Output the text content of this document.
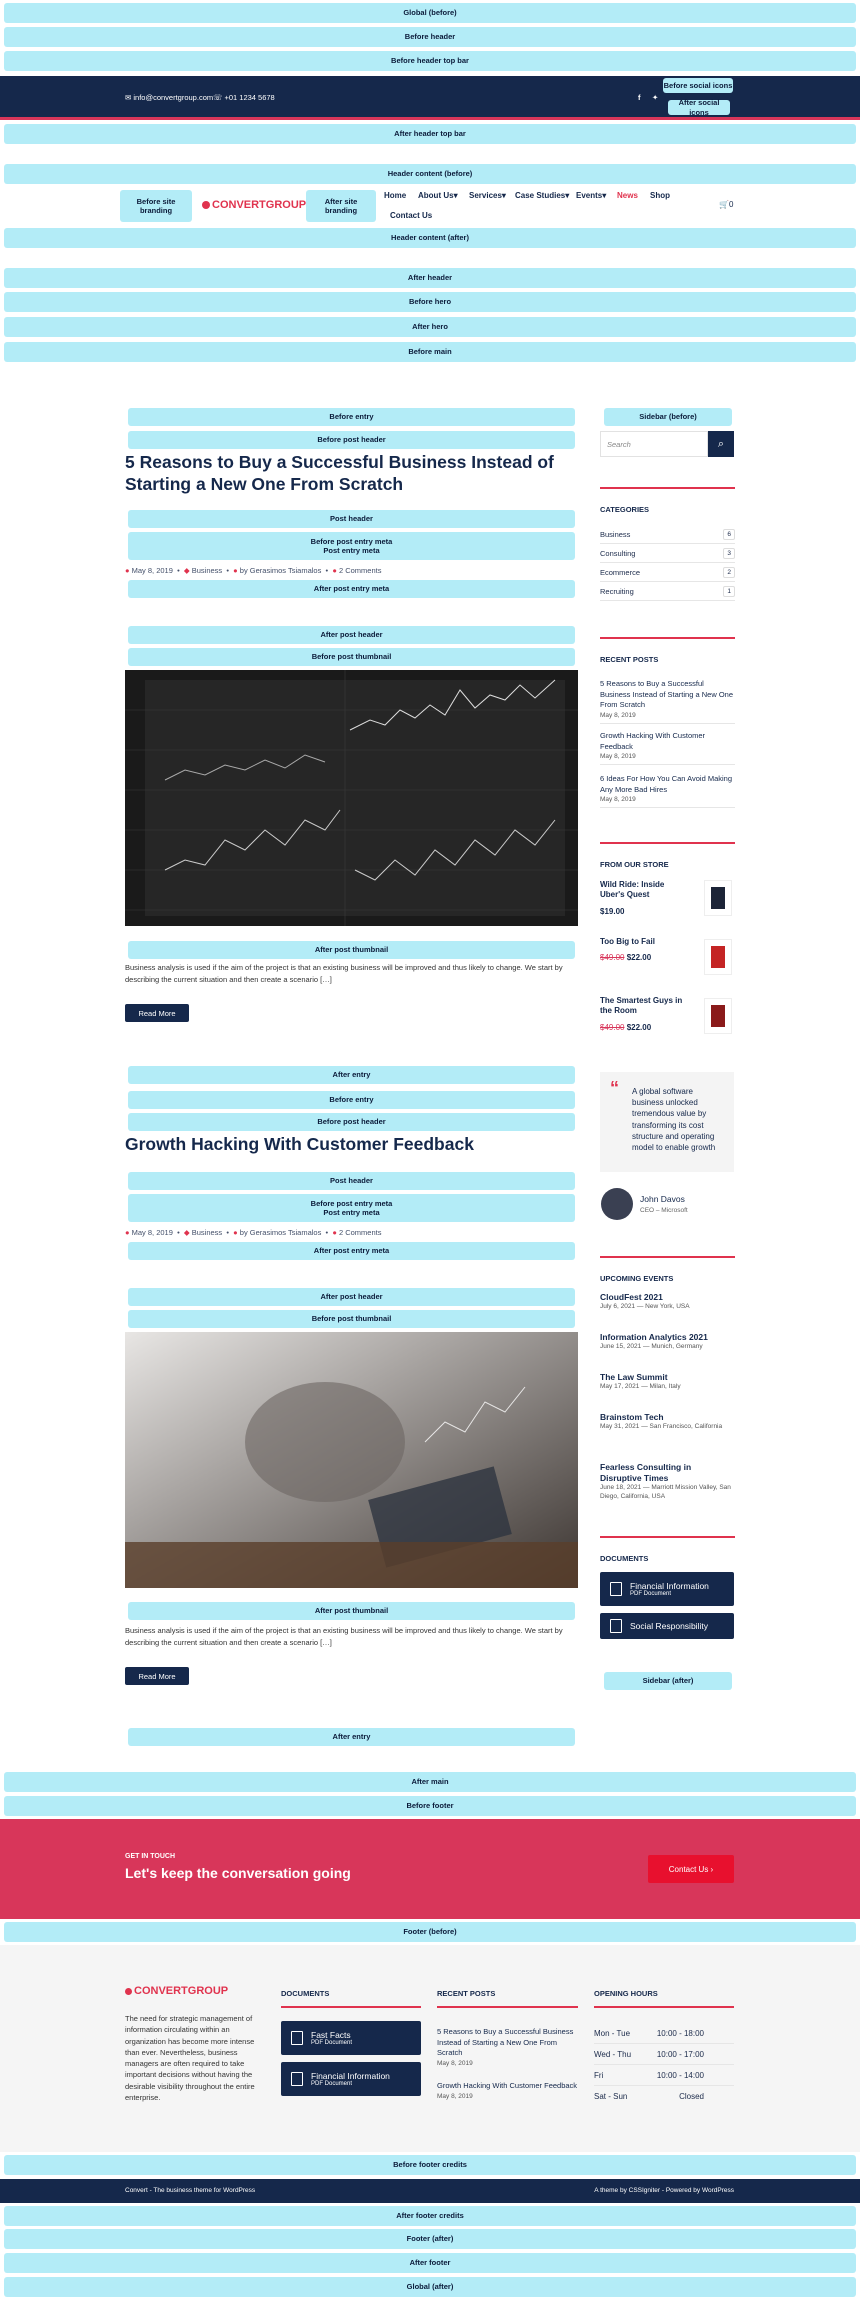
Global (before)
Before header
Before header top bar
✉ info@convertgroup.com ☏ +01 1234 5678	f ✦
Before social icons
After social icons
After header top bar
Header content (before)
Before site branding	CONVERTGROUP	After site branding
Home About Us▾ Services▾ Case Studies▾ Events▾ News Shop
Contact Us
🛒0
Header content (after)
After header
Before hero
After hero
Before main
Before entry
Before post header
5 Reasons to Buy a Successful Business Instead of Starting a New One From Scratch
Post header
Before post entry meta
Post entry meta
● May 8, 2019  •  ◆ Business  •  ● by Gerasimos Tsiamalos  •  ● 2 Comments
After post entry meta
After post header
Before post thumbnail
After post thumbnail
Business analysis is used if the aim of the project is that an existing business will be improved and thus likely to change. We start by describing the current situation and then create a scenario […]
Read More
After entry
Before entry
Before post header
Growth Hacking With Customer Feedback
Post header
Before post entry meta
Post entry meta
● May 8, 2019  •  ◆ Business  •  ● by Gerasimos Tsiamalos  •  ● 2 Comments
After post entry meta
After post header
Before post thumbnail
After post thumbnail
Business analysis is used if the aim of the project is that an existing business will be improved and thus likely to change. We start by describing the current situation and then create a scenario […]
Read More
After entry
Sidebar (before)
Search	⌕
CATEGORIES
Business	6
Consulting	3
Ecommerce	2
Recruiting	1
RECENT POSTS
5 Reasons to Buy a Successful Business Instead of Starting a New One From Scratch
May 8, 2019
Growth Hacking With Customer Feedback
May 8, 2019
6 Ideas For How You Can Avoid Making Any More Bad Hires
May 8, 2019
FROM OUR STORE
Wild Ride: Inside Uber's Quest
$19.00
Too Big to Fail
$49.00 $22.00
The Smartest Guys in the Room
$49.00 $22.00
“ A global software business unlocked tremendous value by transforming its cost structure and operating model to enable growth
John Davos
CEO – Microsoft
UPCOMING EVENTS
CloudFest 2021
July 6, 2021 — New York, USA
Information Analytics 2021
June 15, 2021 — Munich, Germany
The Law Summit
May 17, 2021 — Milan, Italy
Brainstom Tech
May 31, 2021 — San Francisco, California
Fearless Consulting in Disruptive Times
June 18, 2021 — Marriott Mission Valley, San Diego, California, USA
DOCUMENTS
Financial Information
PDF Document
Social Responsibility
Sidebar (after)
After main
Before footer
GET IN TOUCH
Let's keep the conversation going	Contact Us ›
Footer (before)
CONVERTGROUP
The need for strategic management of information circulating within an organization has become more intense than ever. Nevertheless, business managers are often required to take important decisions without having the desirable visibility throughout the entire enterprise.
DOCUMENTS
Fast Facts
PDF Document
Financial Information
PDF Document
RECENT POSTS
5 Reasons to Buy a Successful Business Instead of Starting a New One From Scratch
May 8, 2019
Growth Hacking With Customer Feedback
May 8, 2019
OPENING HOURS
Mon - Tue	10:00 - 18:00
Wed - Thu	10:00 - 17:00
Fri	10:00 - 14:00
Sat - Sun	Closed
Before footer credits
Convert - The business theme for WordPress	A theme by CSSIgniter - Powered by WordPress
After footer credits
Footer (after)
After footer
Global (after)
